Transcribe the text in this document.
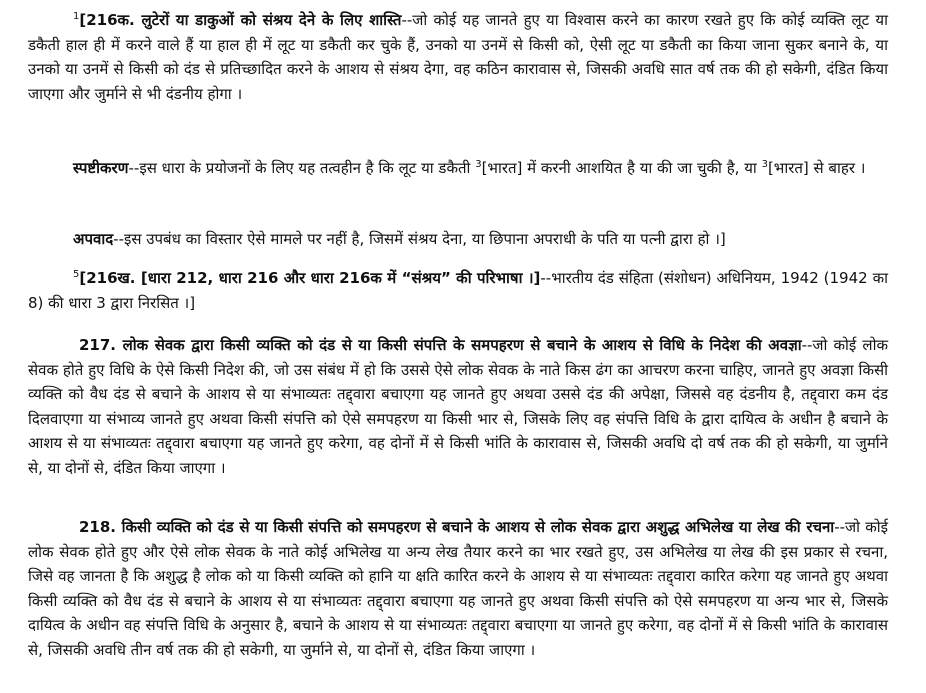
$^1$[216क. लुटेरों या डाकुओं को संश्रय देने के लिए शास्ति--जो कोई यह जानते हुए या विश्वास करने का कारण रखते हुए कि कोई व्यक्ति लूट या डकैती हाल ही में करने वाले हैं या हाल ही में लूट या डकैती कर चुके हैं, उनको या उनमें से किसी को, ऐसी लूट या डकैती का किया जाना सुकर बनाने के, या उनको या उनमें से किसी को दंड से प्रतिच्छादित करने के आशय से संश्रय देगा, वह कठिन कारावास से, जिसकी अवधि सात वर्ष तक की हो सकेगी, दंडित किया जाएगा और जुर्माने से भी दंडनीय होगा ।

स्पष्टीकरण--इस धारा के प्रयोजनों के लिए यह तत्वहीन है कि लूट या डकैती $^3$[भारत] में करनी आशयित है या की जा चुकी है, या $^3$[भारत] से बाहर ।

अपवाद--इस उपबंध का विस्तार ऐसे मामले पर नहीं है, जिसमें संश्रय देना, या छिपाना अपराधी के पति या पत्नी द्वारा हो ।]

$^5$[216ख. [धारा 212, धारा 216 और धारा 216क में “संश्रय” की परिभाषा ।]--भारतीय दंड संहिता (संशोधन) अधिनियम, 1942 (1942 का 8) की धारा 3 द्वारा निरसित ।]

217. लोक सेवक द्वारा किसी व्यक्ति को दंड से या किसी संपत्ति के समपहरण से बचाने के आशय से विधि के निदेश की अवज्ञा--जो कोई लोक सेवक होते हुए विधि के ऐसे किसी निदेश की, जो उस संबंध में हो कि उससे ऐसे लोक सेवक के नाते किस ढंग का आचरण करना चाहिए, जानते हुए अवज्ञा किसी व्यक्ति को वैध दंड से बचाने के आशय से या संभाव्यतः तद्द्वारा बचाएगा यह जानते हुए अथवा उससे दंड की अपेक्षा, जिससे वह दंडनीय है, तद्द्वारा कम दंड दिलवाएगा या संभाव्य जानते हुए अथवा किसी संपत्ति को ऐसे समपहरण या किसी भार से, जिसके लिए वह संपत्ति विधि के द्वारा दायित्व के अधीन है बचाने के आशय से या संभाव्यतः तद्द्वारा बचाएगा यह जानते हुए करेगा, वह दोनों में से किसी भांति के कारावास से, जिसकी अवधि दो वर्ष तक की हो सकेगी, या जुर्माने से, या दोनों से, दंडित किया जाएगा ।

218. किसी व्यक्ति को दंड से या किसी संपत्ति को समपहरण से बचाने के आशय से लोक सेवक द्वारा अशुद्ध अभिलेख या लेख की रचना--जो कोई लोक सेवक होते हुए और ऐसे लोक सेवक के नाते कोई अभिलेख या अन्य लेख तैयार करने का भार रखते हुए, उस अभिलेख या लेख की इस प्रकार से रचना, जिसे वह जानता है कि अशुद्ध है लोक को या किसी व्यक्ति को हानि या क्षति कारित करने के आशय से या संभाव्यतः तद्द्वारा कारित करेगा यह जानते हुए अथवा किसी व्यक्ति को वैध दंड से बचाने के आशय से या संभाव्यतः तद्द्वारा बचाएगा यह जानते हुए अथवा किसी संपत्ति को ऐसे समपहरण या अन्य भार से, जिसके दायित्व के अधीन वह संपत्ति विधि के अनुसार है, बचाने के आशय से या संभाव्यतः तद्द्वारा बचाएगा या जानते हुए करेगा, वह दोनों में से किसी भांति के कारावास से, जिसकी अवधि तीन वर्ष तक की हो सकेगी, या जुर्माने से, या दोनों से, दंडित किया जाएगा ।
